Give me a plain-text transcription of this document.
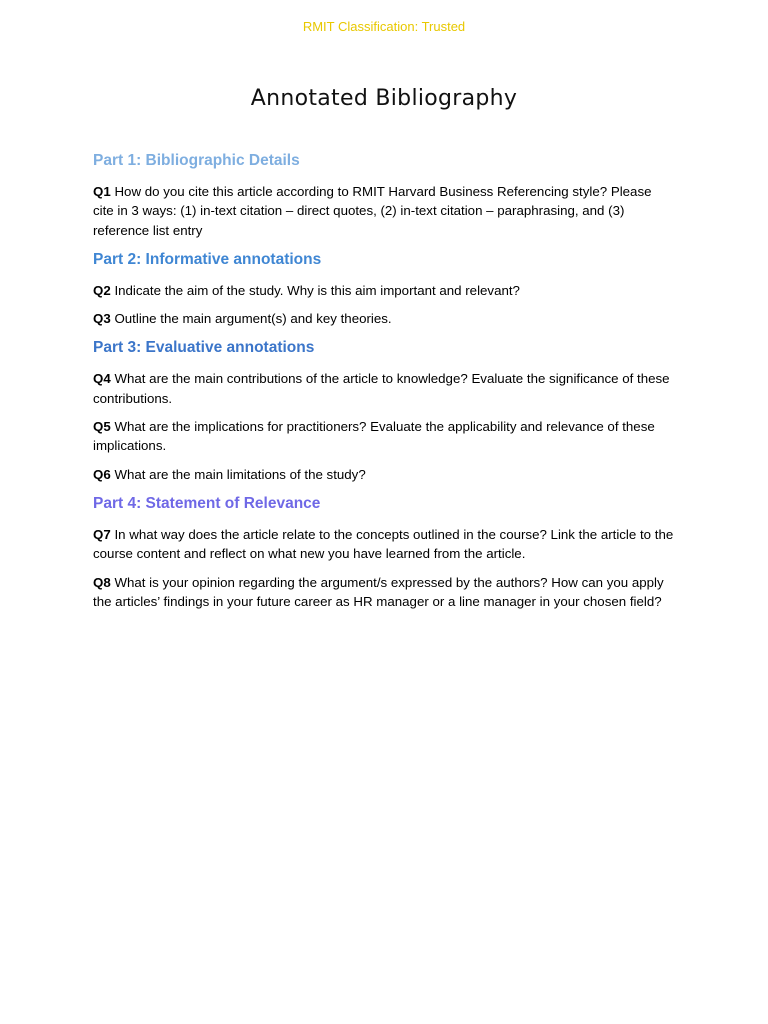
RMIT Classification: Trusted
Annotated Bibliography
Part 1: Bibliographic Details

Q1 How do you cite this article according to RMIT Harvard Business Referencing style? Please cite in 3 ways: (1) in-text citation – direct quotes, (2) in-text citation – paraphrasing, and (3) reference list entry

Part 2: Informative annotations

Q2 Indicate the aim of the study. Why is this aim important and relevant?

Q3 Outline the main argument(s) and key theories.

Part 3: Evaluative annotations

Q4 What are the main contributions of the article to knowledge? Evaluate the significance of these contributions.

Q5 What are the implications for practitioners? Evaluate the applicability and relevance of these implications.

Q6 What are the main limitations of the study?

Part 4: Statement of Relevance

Q7 In what way does the article relate to the concepts outlined in the course? Link the article to the course content and reflect on what new you have learned from the article.

Q8 What is your opinion regarding the argument/s expressed by the authors? How can you apply the articles’ findings in your future career as HR manager or a line manager in your chosen field?
